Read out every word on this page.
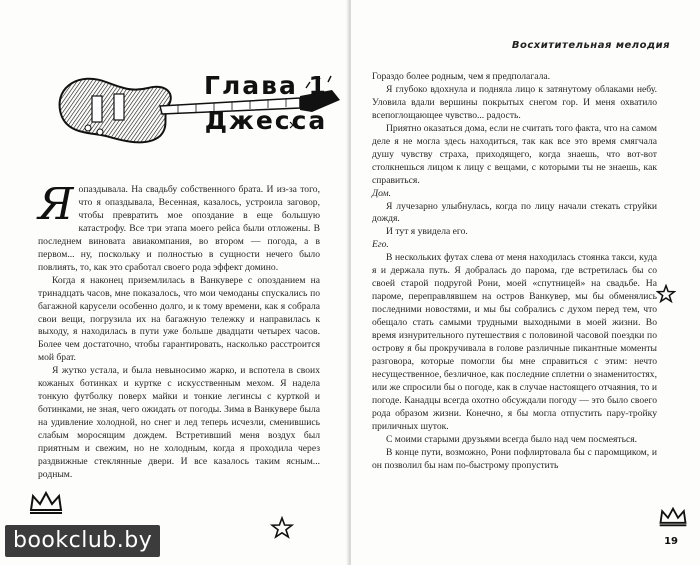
Глава 1
Джесса
Я опаздывала. На свадьбу собственного брата. И из-за того, что я опаздывала, Весенная, казалось, устроила заговор, чтобы превратить мое опоздание в еще большую катастрофу. Все три этапа моего рейса были отложены. В последнем виновата авиакомпания, во втором — погода, а в первом... ну, поскольку и полностью в сущности нечего было повлиять, то, как это сработал своего рода эффект домино.

Когда я наконец приземлилась в Ванкувере с опозданием на тринадцать часов, мне показалось, что мои чемоданы спускались по багажной карусели особенно долго, и к тому времени, как я собрала свои вещи, погрузила их на багажную тележку и направилась к выходу, я находилась в пути уже больше двадцати четырех часов. Более чем достаточно, чтобы гарантировать, насколько расстроится мой брат.

Я жутко устала, и была невыносимо жарко, и вспотела в своих кожаных ботинках и куртке с искусственным мехом. Я надела тонкую футболку поверх майки и тонкие легинсы с курткой и ботинками, не зная, чего ожидать от погоды. Зима в Ванкувере была на удивление холодной, но снег и лед теперь исчезли, сменившись слабым моросящим дождем. Встретивший меня воздух был приятным и свежим, но не холодным, когда я проходила через раздвижные стеклянные двери. И все казалось таким ясным... родным.

bookclub.by
Восхитительная мелодия

Гораздо более родным, чем я предполагала.

Я глубоко вдохнула и подняла лицо к затянутому облаками небу. Уловила вдали вершины покрытых снегом гор. И меня охватило всепоглощающее чувство... радость.

Приятно оказаться дома, если не считать того факта, что на самом деле я не могла здесь находиться, так как все это время смягчала душу чувству страха, приходящего, когда знаешь, что вот-вот столкнешься лицом к лицу с вещами, с которыми ты не знаешь, как справиться.

Дом.

Я лучезарно улыбнулась, когда по лицу начали стекать струйки дождя.

И тут я увидела его.

Его.

В нескольких футах слева от меня находилась стоянка такси, куда я и держала путь. Я добралась до парома, где встретилась бы со своей старой подругой Рони, моей «спутницей» на свадьбе. На пароме, переправлявшем на остров Ванкувер, мы бы обменялись последними новостями, и мы бы собрались с духом перед тем, что обещало стать самыми трудными выходными в моей жизни. Во время изнурительного путешествия с половиной часовой поездки по острову я бы прокручивала в голове различные пикантные моменты разговора, которые помогли бы мне справиться с этим: нечто несущественное, безличное, как последние сплетни о знаменитостях, или же спросили бы о погоде, как в случае настоящего отчаяния, то и погоде. Канадцы всегда охотно обсуждали погоду — это было своего рода образом жизни. Конечно, я бы могла отпустить пару-тройку приличных шуток.

С моими старыми друзьями всегда было над чем посмеяться.

В конце пути, возможно, Рони пофлиртовала бы с паромщиком, и он позволил бы нам по-быстрому пропустить

19
